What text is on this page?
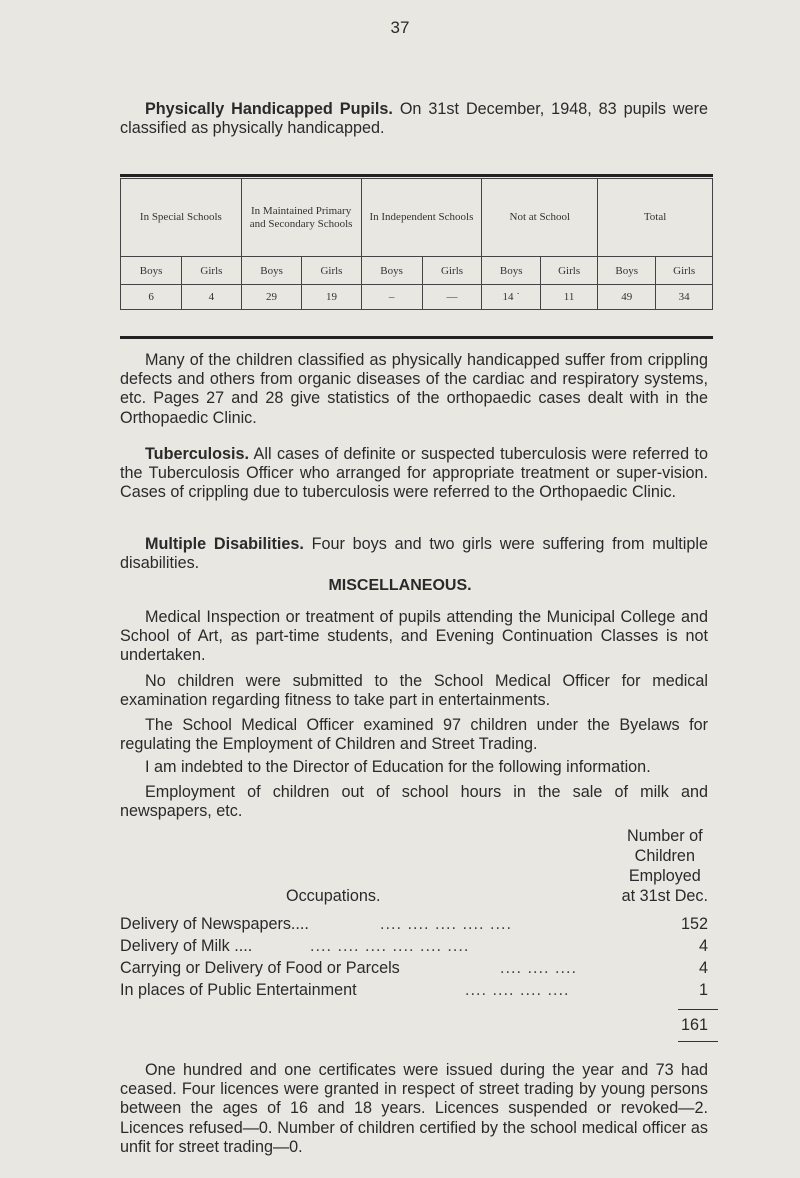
37
Physically Handicapped Pupils. On 31st December, 1948, 83 pupils were classified as physically handicapped.
In Special Schools		In Maintained Primary and Secondary Schools		In Independent Schools		Not at School		Total	
Boys	Girls	Boys	Girls	Boys	Girls	Boys	Girls	Boys	Girls
6	4	29	19	–	—	14 ˙	11	49	34
Many of the children classified as physically handicapped suffer from crippling defects and others from organic diseases of the cardiac and respiratory systems, etc. Pages 27 and 28 give statistics of the orthopaedic cases dealt with in the Orthopaedic Clinic.
Tuberculosis. All cases of definite or suspected tuberculosis were referred to the Tuberculosis Officer who arranged for appropriate treatment or super-vision. Cases of crippling due to tuberculosis were referred to the Orthopaedic Clinic.
Multiple Disabilities. Four boys and two girls were suffering from multiple disabilities.
MISCELLANEOUS.
Medical Inspection or treatment of pupils attending the Municipal College and School of Art, as part-time students, and Evening Continuation Classes is not undertaken.
No children were submitted to the School Medical Officer for medical examination regarding fitness to take part in entertainments.
The School Medical Officer examined 97 children under the Byelaws for regulating the Employment of Children and Street Trading.
I am indebted to the Director of Education for the following information.
Employment of children out of school hours in the sale of milk and newspapers, etc.
Number of
Children
Employed
at 31st Dec.
Occupations.
Delivery of Newspapers....	.... .... .... .... ....	152
Delivery of Milk ....	.... .... .... .... .... ....	4
Carrying or Delivery of Food or Parcels	.... .... ....	4
In places of Public Entertainment	.... .... .... ....	1
161
One hundred and one certificates were issued during the year and 73 had ceased. Four licences were granted in respect of street trading by young persons between the ages of 16 and 18 years. Licences suspended or revoked—2. Licences refused—0. Number of children certified by the school medical officer as unfit for street trading—0.
